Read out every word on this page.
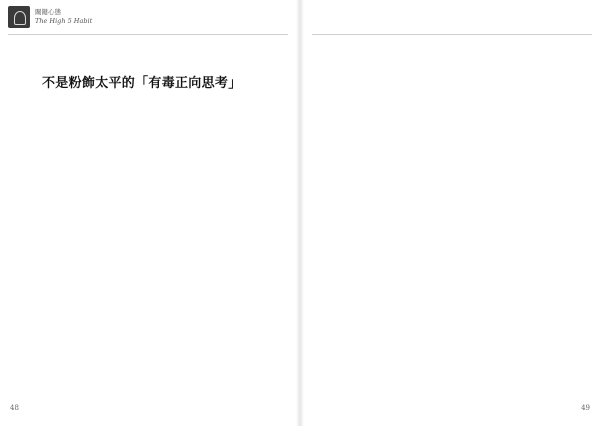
關鍵心態
The High 5 Habit
不是粉飾太平的「有毒正向思考」
48	49
